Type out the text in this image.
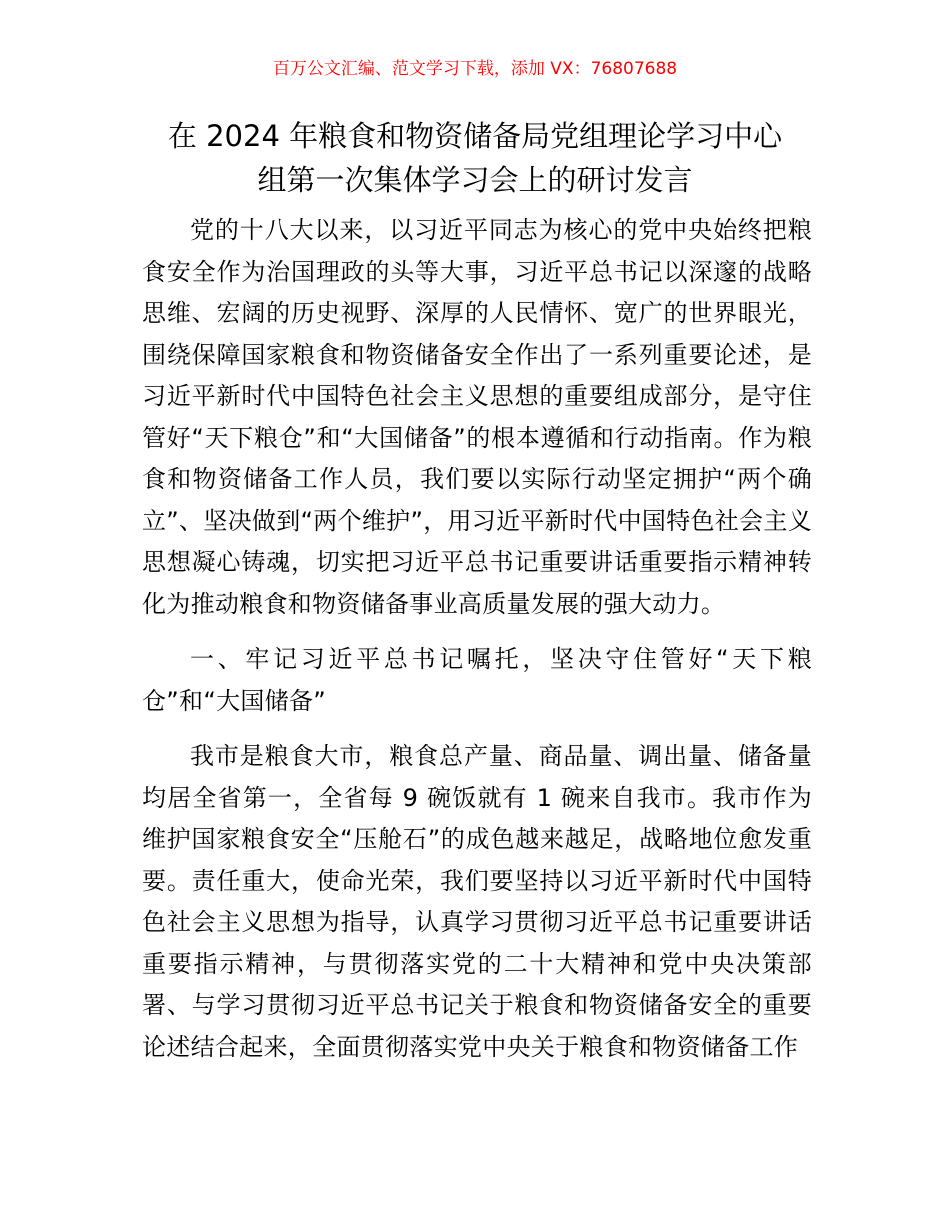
百万公文汇编、范文学习下载，添加 VX：76807688
在 2024 年粮食和物资储备局党组理论学习中心
组第一次集体学习会上的研讨发言

党的十八大以来，以习近平同志为核心的党中央始终把粮食安全作为治国理政的头等大事，习近平总书记以深邃的战略思维、宏阔的历史视野、深厚的人民情怀、宽广的世界眼光，围绕保障国家粮食和物资储备安全作出了一系列重要论述，是习近平新时代中国特色社会主义思想的重要组成部分，是守住管好“天下粮仓”和“大国储备”的根本遵循和行动指南。作为粮食和物资储备工作人员，我们要以实际行动坚定拥护“两个确立”、坚决做到“两个维护”，用习近平新时代中国特色社会主义思想凝心铸魂，切实把习近平总书记重要讲话重要指示精神转化为推动粮食和物资储备事业高质量发展的强大动力。

一、牢记习近平总书记嘱托，坚决守住管好“天下粮仓”和“大国储备”

我市是粮食大市，粮食总产量、商品量、调出量、储备量均居全省第一，全省每 9 碗饭就有 1 碗来自我市。我市作为维护国家粮食安全“压舱石”的成色越来越足，战略地位愈发重要。责任重大，使命光荣，我们要坚持以习近平新时代中国特色社会主义思想为指导，认真学习贯彻习近平总书记重要讲话重要指示精神，与贯彻落实党的二十大精神和党中央决策部署、与学习贯彻习近平总书记关于粮食和物资储备安全的重要论述结合起来，全面贯彻落实党中央关于粮食和物资储备工作
